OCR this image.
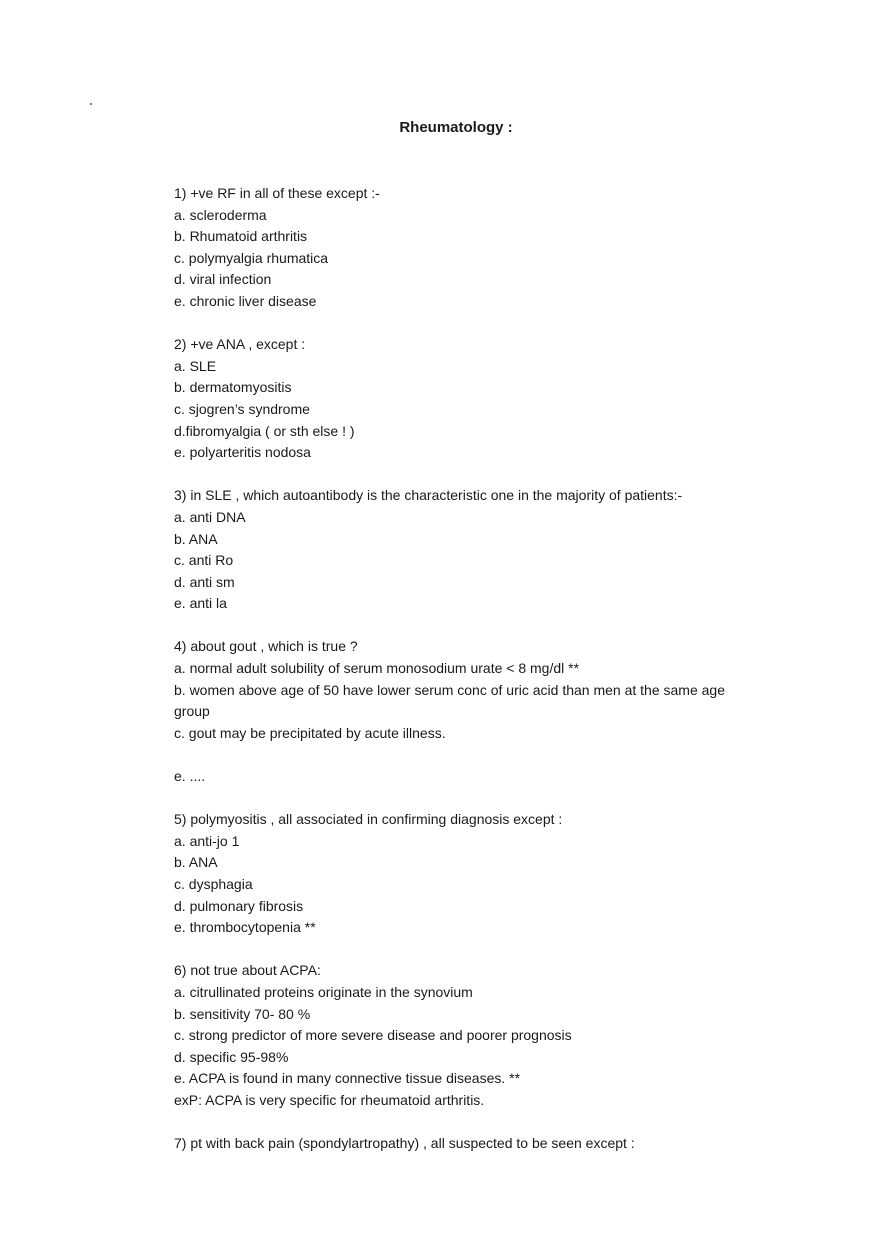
Rheumatology :
1) +ve RF in all of these except :-
a. scleroderma
b. Rhumatoid arthritis
c. polymyalgia rhumatica
d. viral infection
e. chronic liver disease
2) +ve ANA , except :
a. SLE
b. dermatomyositis
c. sjogren’s syndrome
d.fibromyalgia ( or sth else ! )
e. polyarteritis nodosa
3) in SLE , which autoantibody is the characteristic one in the majority of patients:-
a. anti DNA
b. ANA
c. anti Ro
d. anti sm
e. anti la
4) about gout , which is true ?
a. normal adult solubility of serum monosodium urate < 8 mg/dl **
b. women above age of 50 have lower serum conc of uric acid than men at the same age group
c. gout may be precipitated by acute illness.
e. ....
5) polymyositis , all associated in confirming diagnosis except :
a. anti-jo 1
b. ANA
c. dysphagia
d. pulmonary fibrosis
e. thrombocytopenia **
6) not true about ACPA:
a. citrullinated proteins originate in the synovium
b. sensitivity 70- 80 %
c. strong predictor of more severe disease and poorer prognosis
d. specific 95-98%
e. ACPA is found in many connective tissue diseases. **
exP: ACPA is very specific for rheumatoid arthritis.
7) pt with back pain (spondylartropathy) , all suspected to be seen except :
